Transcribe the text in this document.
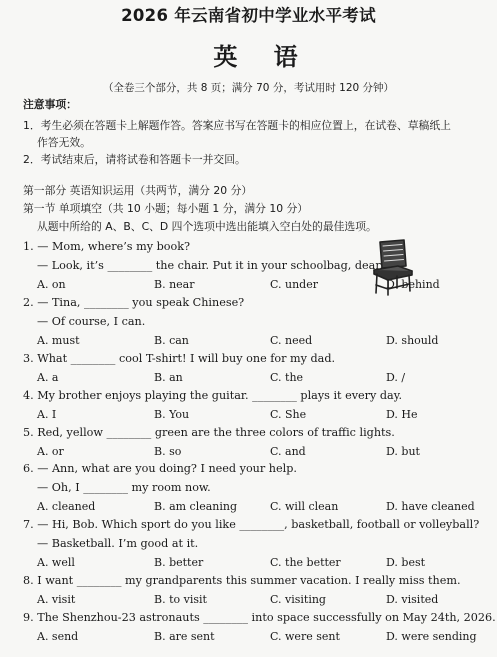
2026 年云南省初中学业水平考试
英 语
（全卷三个部分，共 8 页；满分 70 分，考试用时 120 分钟）
注意事项：
1．考生必须在答题卡上解题作答。答案应书写在答题卡的相应位置上，在试卷、草稿纸上
作答无效。
2．考试结束后，请将试卷和答题卡一并交回。
第一部分 英语知识运用（共两节，满分 20 分）
第一节 单项填空（共 10 小题；每小题 1 分，满分 10 分）
从题中所给的 A、B、C、D 四个选项中选出能填入空白处的最佳选项。
1. — Mom, where’s my book?
— Look, it’s ________ the chair. Put it in your schoolbag, dear.
A. on	B. near	C. under	D. behind
2. — Tina, ________ you speak Chinese?
— Of course, I can.
A. must	B. can	C. need	D. should
3. What ________ cool T-shirt! I will buy one for my dad.
A. a	B. an	C. the	D. /
4. My brother enjoys playing the guitar. ________ plays it every day.
A. I	B. You	C. She	D. He
5. Red, yellow ________ green are the three colors of traffic lights.
A. or	B. so	C. and	D. but
6. — Ann, what are you doing? I need your help.
— Oh, I ________ my room now.
A. cleaned	B. am cleaning	C. will clean	D. have cleaned
7. — Hi, Bob. Which sport do you like ________, basketball, football or volleyball?
— Basketball. I’m good at it.
A. well	B. better	C. the better	D. best
8. I want ________ my grandparents this summer vacation. I really miss them.
A. visit	B. to visit	C. visiting	D. visited
9. The Shenzhou-23 astronauts ________ into space successfully on May 24th, 2026.
A. send	B. are sent	C. were sent	D. were sending
